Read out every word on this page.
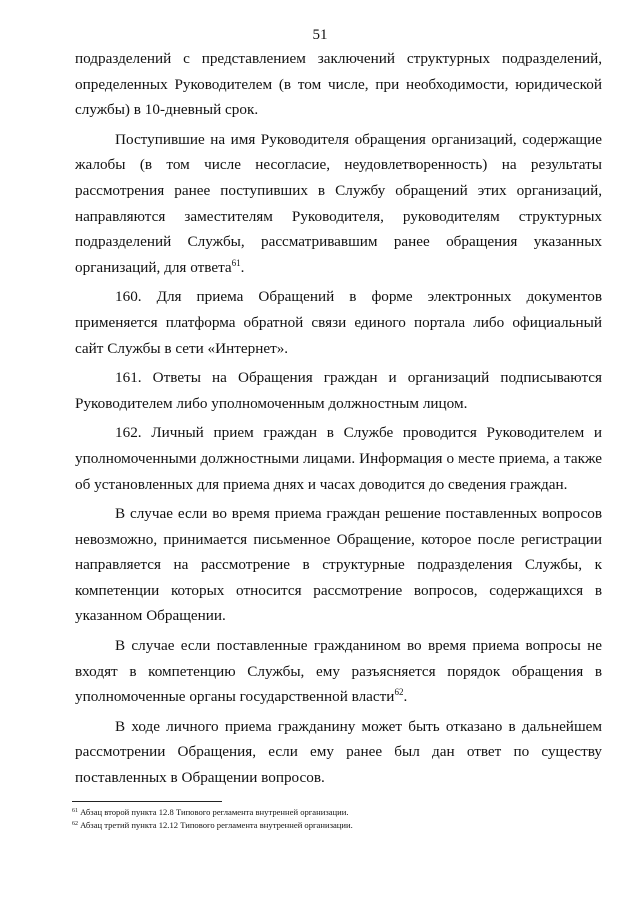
51

подразделений с представлением заключений структурных подразделений, определенных Руководителем (в том числе, при необходимости, юридической службы) в 10-дневный срок.

Поступившие на имя Руководителя обращения организаций, содержащие жалобы (в том числе несогласие, неудовлетворенность) на результаты рассмотрения ранее поступивших в Службу обращений этих организаций, направляются заместителям Руководителя, руководителям структурных подразделений Службы, рассматривавшим ранее обращения указанных организаций, для ответа$^{61}$.

160. Для приема Обращений в форме электронных документов применяется платформа обратной связи единого портала либо официальный сайт Службы в сети «Интернет».

161. Ответы на Обращения граждан и организаций подписываются Руководителем либо уполномоченным должностным лицом.

162. Личный прием граждан в Службе проводится Руководителем и уполномоченными должностными лицами. Информация о месте приема, а также об установленных для приема днях и часах доводится до сведения граждан.

В случае если во время приема граждан решение поставленных вопросов невозможно, принимается письменное Обращение, которое после регистрации направляется на рассмотрение в структурные подразделения Службы, к компетенции которых относится рассмотрение вопросов, содержащихся в указанном Обращении.

В случае если поставленные гражданином во время приема вопросы не входят в компетенцию Службы, ему разъясняется порядок обращения в уполномоченные органы государственной власти$^{62}$.

В ходе личного приема гражданину может быть отказано в дальнейшем рассмотрении Обращения, если ему ранее был дан ответ по существу поставленных в Обращении вопросов.

$^{61}$ Абзац второй пункта 12.8 Типового регламента внутренней организации.

$^{62}$ Абзац третий пункта 12.12 Типового регламента внутренней организации.
